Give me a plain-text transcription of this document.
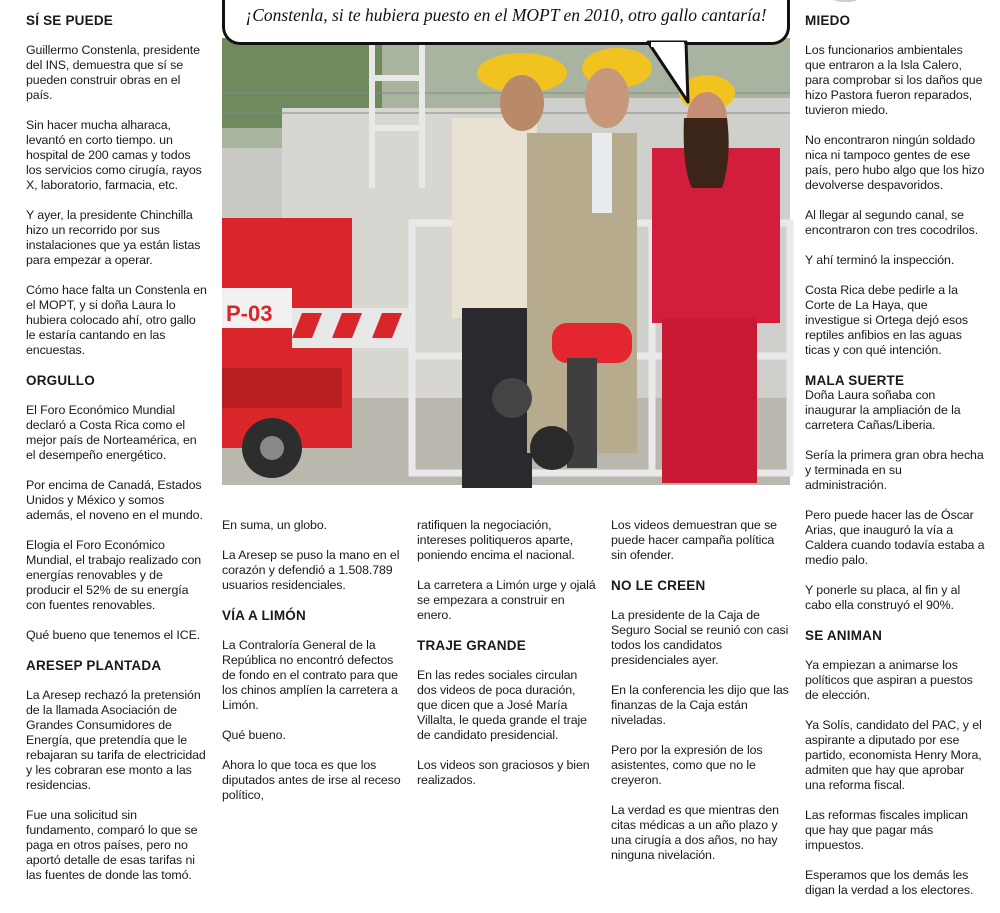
SÍ SE PUEDE

Guillermo Constenla, presidente del INS, demuestra que sí se pueden construir obras en el país.

Sin hacer mucha alharaca, levantó en corto tiempo. un hospital de 200 camas y todos los servicios como cirugía, rayos X, laboratorio, farmacia, etc.

Y ayer, la presidente Chinchilla hizo un recorrido por sus instalaciones que ya están listas para empezar a operar.

Cómo hace falta un Constenla en el MOPT, y si doña Laura lo hubiera colocado ahí, otro gallo le estaría cantando en las encuestas.

ORGULLO

El Foro Económico Mundial declaró a Costa Rica como el mejor país de Norteamérica, en el desempeño energético.

Por encima de Canadá, Estados Unidos y México y somos además, el noveno en el mundo.

Elogia el Foro Económico Mundial, el trabajo realizado con energías renovables y de producir el 52% de su energía con fuentes renovables.

Qué bueno que tenemos el ICE.

ARESEP PLANTADA

La Aresep rechazó la pretensión de la llamada Asociación de Grandes Consumidores de Energía, que pretendía que le rebajaran su tarifa de electricidad y les cobraran ese monto a las residencias.

Fue una solicitud sin fundamento, comparó lo que se paga en otros países, pero no aportó detalle de esas tarifas ni las fuentes de donde las tomó.

P-03
¡Constenla, si te hubiera puesto en el MOPT en 2010, otro gallo cantaría!

En suma, un globo.

La Aresep se puso la mano en el corazón y defendió a 1.508.789 usuarios residenciales.

VÍA A LIMÓN

La Contraloría General de la República no encontró defectos de fondo en el contrato para que los chinos amplíen la carretera a Limón.

Qué bueno.

Ahora lo que toca es que los diputados antes de irse al receso político,

ratifiquen la negociación, intereses politiqueros aparte, poniendo encima el nacional.

La carretera a Limón urge y ojalá se empezara a construir en enero.

TRAJE GRANDE

En las redes sociales circulan dos videos de poca duración, que dicen que a José María Villalta, le queda grande el traje de candidato presidencial.

Los videos son graciosos y bien realizados.

Los videos demuestran que se puede hacer campaña política sin ofender.

NO LE CREEN

La presidente de la Caja de Seguro Social se reunió con casi todos los candidatos presidenciales ayer.

En la conferencia les dijo que las finanzas de la Caja están niveladas.

Pero por la expresión de los asistentes, como que no le creyeron.

La verdad es que mientras den citas médicas a un año plazo y una cirugía a dos años, no hay ninguna nivelación.

MIEDO

Los funcionarios ambientales que entraron a la Isla Calero, para comprobar si los daños que hizo Pastora fueron reparados, tuvieron miedo.

No encontraron ningún soldado nica ni tampoco gentes de ese país, pero hubo algo que los hizo devolverse despavoridos.

Al llegar al segundo canal, se encontraron con tres cocodrilos.

Y ahí terminó la inspección.

Costa Rica debe pedirle a la Corte de La Haya, que investigue si Ortega dejó esos reptiles anfibios en las aguas ticas y con qué intención.

MALA SUERTE

Doña Laura soñaba con inaugurar la ampliación de la carretera Cañas/Liberia.

Sería la primera gran obra hecha y terminada en su administración.

Pero puede hacer las de Óscar Arias, que inauguró la vía a Caldera cuando todavía estaba a medio palo.

Y ponerle su placa, al fin y al cabo ella construyó el 90%.

SE ANIMAN

Ya empiezan a animarse los políticos que aspiran a puestos de elección.

Ya Solís, candidato del PAC, y el aspirante a diputado por ese partido, economista Henry Mora, admiten que hay que aprobar una reforma fiscal.

Las reformas fiscales implican que hay que pagar más impuestos.

Esperamos que los demás les digan la verdad a los electores.
